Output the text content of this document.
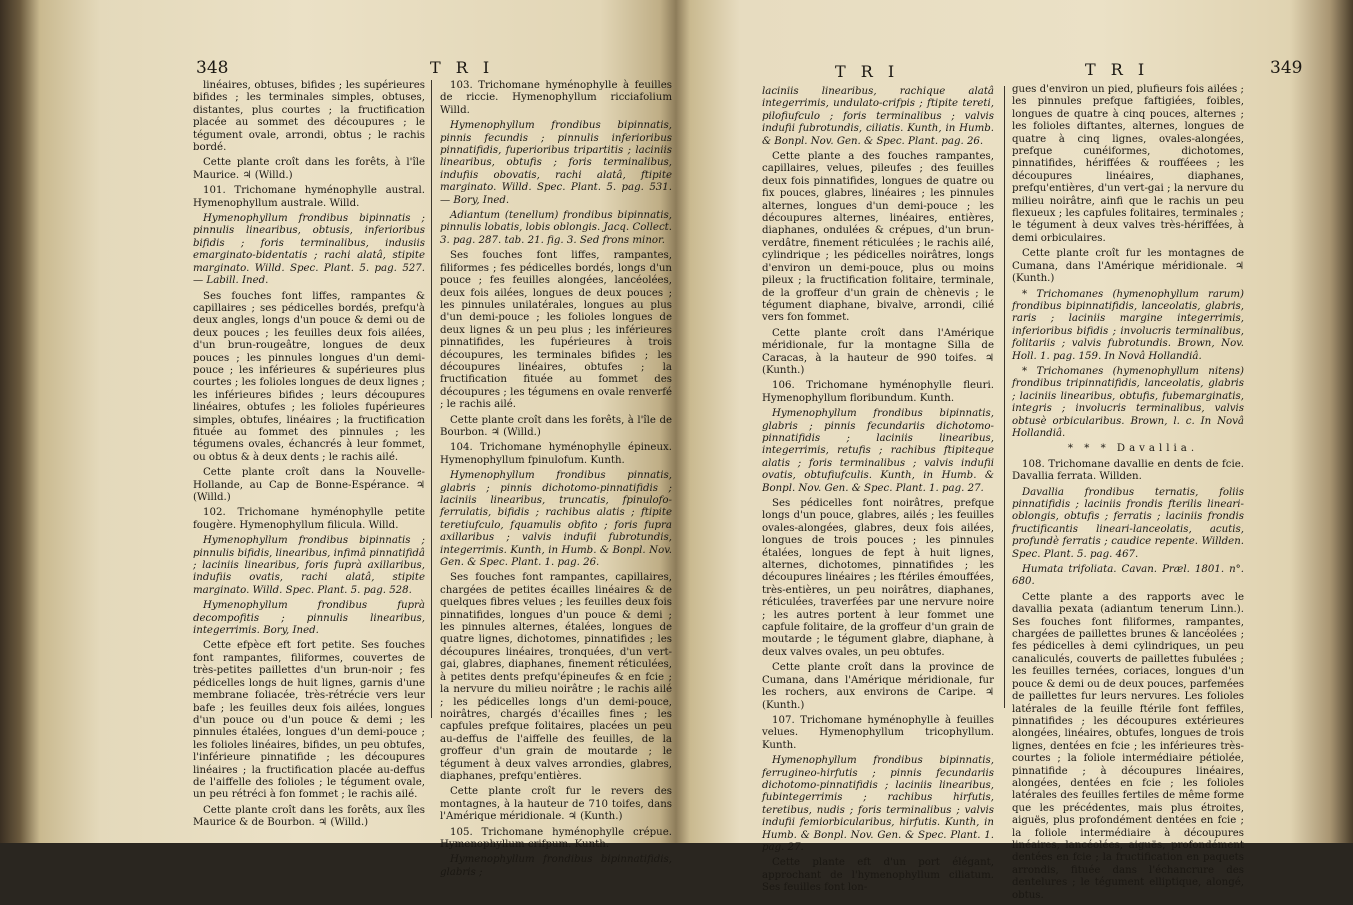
348	T R I	T R I	T R I	349

linéaires, obtuses, bifides ; les supérieures bifides ; les terminales simples, obtuses, distantes, plus courtes ; la fructification placée au sommet des découpures ; le tégument ovale, arrondi, obtus ; le rachis bordé.

Cette plante croît dans les forêts, à l'île Maurice. ♃ (Willd.)

101. Trichomane hyménophylle austral. Hymenophyllum australe. Willd.

Hymenophyllum frondibus bipinnatis ; pinnulis linearibus, obtusis, inferioribus bifidis ; foris terminalibus, indusiis emarginato-bidentatis ; rachi alatâ, stipite marginato. Willd. Spec. Plant. 5. pag. 527. — Labill. Ined.

Ses fouches font liffes, rampantes & capillaires ; ses pédicelles bordés, prefqu'à deux angles, longs d'un pouce & demi ou de deux pouces ; les feuilles deux fois ailées, d'un brun-rougeâtre, longues de deux pouces ; les pinnules longues d'un demi-pouce ; les inférieures & supérieures plus courtes ; les folioles longues de deux lignes ; les inférieures bifides ; leurs découpures linéaires, obtufes ; les folioles fupérieures simples, obtufes, linéaires ; la fructification fituée au fommet des pinnules ; les tégumens ovales, échancrés à leur fommet, ou obtus & à deux dents ; le rachis ailé.

Cette plante croît dans la Nouvelle-Hollande, au Cap de Bonne-Espérance. ♃ (Willd.)

102. Trichomane hyménophylle petite fougère. Hymenophyllum filicula. Willd.

Hymenophyllum frondibus bipinnatis ; pinnulis bifidis, linearibus, infimâ pinnatifidâ ; laciniis linearibus, foris fuprà axillaribus, indufiis ovatis, rachi alatâ, stipite marginato. Willd. Spec. Plant. 5. pag. 528.

Hymenophyllum frondibus fuprà decompofitis ; pinnulis linearibus, integerrimis. Bory, Ined.

Cette efpèce eft fort petite. Ses fouches font rampantes, filiformes, couvertes de très-petites paillettes d'un brun-noir ; fes pédicelles longs de huit lignes, garnis d'une membrane foliacée, très-rétrécie vers leur bafe ; les feuilles deux fois ailées, longues d'un pouce ou d'un pouce & demi ; les pinnules étalées, longues d'un demi-pouce ; les folioles linéaires, bifides, un peu obtufes, l'inférieure pinnatifide ; les découpures linéaires ; la fructification placée au-deffus de l'aiffelle des folioles ; le tégument ovale, un peu rétréci à fon fommet ; le rachis ailé.

Cette plante croît dans les forêts, aux îles Maurice & de Bourbon. ♃ (Willd.)

103. Trichomane hyménophylle à feuilles de riccie. Hymenophyllum ricciafolium Willd.

Hymenophyllum frondibus bipinnatis, pinnis fecundis ; pinnulis inferioribus pinnatifidis, fuperioribus tripartitis ; laciniis linearibus, obtufis ; foris terminalibus, indufiis obovatis, rachi alatâ, ftipite marginato. Willd. Spec. Plant. 5. pag. 531. — Bory, Ined.

Adiantum (tenellum) frondibus bipinnatis, pinnulis lobatis, lobis oblongis. Jacq. Collect. 3. pag. 287. tab. 21. fig. 3. Sed frons minor.

Ses fouches font liffes, rampantes, filiformes ; fes pédicelles bordés, longs d'un pouce ; fes feuilles alongées, lancéolées, deux fois ailées, longues de deux pouces ; les pinnules unilatérales, longues au plus d'un demi-pouce ; les folioles longues de deux lignes & un peu plus ; les inférieures pinnatifides, les fupérieures à trois découpures, les terminales bifides ; les découpures linéaires, obtufes ; la fructification fituée au fommet des découpures ; les tégumens en ovale renverfé ; le rachis ailé.

Cette plante croît dans les forêts, à l'île de Bourbon. ♃ (Willd.)

104. Trichomane hyménophylle épineux. Hymenophyllum fpinulofum. Kunth.

Hymenophyllum frondibus pinnatis, glabris ; pinnis dichotomo-pinnatifidis ; laciniis linearibus, truncatis, fpinulofo-ferrulatis, bifidis ; rachibus alatis ; ftipite teretiufculo, fquamulis obfito ; foris fupra axillaribus ; valvis indufii fubrotundis, integerrimis. Kunth, in Humb. & Bonpl. Nov. Gen. & Spec. Plant. 1. pag. 26.

Ses fouches font rampantes, capillaires, chargées de petites écailles linéaires & de quelques fibres velues ; les feuilles deux fois pinnatifides, longues d'un pouce & demi ; les pinnules alternes, étalées, longues de quatre lignes, dichotomes, pinnatifides ; les découpures linéaires, tronquées, d'un vert-gai, glabres, diaphanes, finement réticulées, à petites dents prefqu'épineufes & en fcie ; la nervure du milieu noirâtre ; le rachis ailé ; les pédicelles longs d'un demi-pouce, noirâtres, chargés d'écailles fines ; les capfules prefque folitaires, placées un peu au-deffus de l'aiffelle des feuilles, de la groffeur d'un grain de moutarde ; le tégument à deux valves arrondies, glabres, diaphanes, prefqu'entières.

Cette plante croît fur le revers des montagnes, à la hauteur de 710 toifes, dans l'Amérique méridionale. ♃ (Kunth.)

105. Trichomane hyménophylle crépue. Hymenophyllum crifpum. Kunth.

Hymenophyllum frondibus bipinnatifidis, glabris ;

laciniis linearibus, rachique alatâ integerrimis, undulato-crifpis ; ftipite tereti, pilofiufculo ; foris terminalibus ; valvis indufii fubrotundis, ciliatis. Kunth, in Humb. & Bonpl. Nov. Gen. & Spec. Plant. pag. 26.

Cette plante a des fouches rampantes, capillaires, velues, pileufes ; des feuilles deux fois pinnatifides, longues de quatre ou fix pouces, glabres, linéaires ; les pinnules alternes, longues d'un demi-pouce ; les découpures alternes, linéaires, entières, diaphanes, ondulées & crépues, d'un brun-verdâtre, finement réticulées ; le rachis ailé, cylindrique ; les pédicelles noirâtres, longs d'environ un demi-pouce, plus ou moins pileux ; la fructification folitaire, terminale, de la groffeur d'un grain de chènevis ; le tégument diaphane, bivalve, arrondi, cilié vers fon fommet.

Cette plante croît dans l'Amérique méridionale, fur la montagne Silla de Caracas, à la hauteur de 990 toifes. ♃ (Kunth.)

106. Trichomane hyménophylle fleuri. Hymenophyllum floribundum. Kunth.

Hymenophyllum frondibus bipinnatis, glabris ; pinnis fecundariis dichotomo-pinnatifidis ; laciniis linearibus, integerrimis, retufis ; rachibus ftipiteque alatis ; foris terminalibus ; valvis indufii ovatis, obtufiufculis. Kunth, in Humb. & Bonpl. Nov. Gen. & Spec. Plant. 1. pag. 27.

Ses pédicelles font noirâtres, prefque longs d'un pouce, glabres, ailés ; les feuilles ovales-alongées, glabres, deux fois ailées, longues de trois pouces ; les pinnules étalées, longues de fept à huit lignes, alternes, dichotomes, pinnatifides ; les découpures linéaires ; les ftériles émouffées, très-entières, un peu noirâtres, diaphanes, réticulées, traverfées par une nervure noire ; les autres portent à leur fommet une capfule folitaire, de la groffeur d'un grain de moutarde ; le tégument glabre, diaphane, à deux valves ovales, un peu obtufes.

Cette plante croît dans la province de Cumana, dans l'Amérique méridionale, fur les rochers, aux environs de Caripe. ♃ (Kunth.)

107. Trichomane hyménophylle à feuilles velues. Hymenophyllum tricophyllum. Kunth.

Hymenophyllum frondibus bipinnatis, ferrugineo-hirfutis ; pinnis fecundariis dichotomo-pinnatifidis ; laciniis linearibus, fubintegerrimis ; rachibus hirfutis, teretibus, nudis ; foris terminalibus ; valvis indufii femiorbicularibus, hirfutis. Kunth, in Humb. & Bonpl. Nov. Gen. & Spec. Plant. 1. pag. 27.

Cette plante eft d'un port élégant, approchant de l'hymenophyllum ciliatum. Ses feuilles font lon-

gues d'environ un pied, plufieurs fois ailées ; les pinnules prefque faftigiées, foibles, longues de quatre à cinq pouces, alternes ; les folioles diftantes, alternes, longues de quatre à cinq lignes, ovales-alongées, prefque cunéiformes, dichotomes, pinnatifides, hériffées & roufféees ; les découpures linéaires, diaphanes, prefqu'entières, d'un vert-gai ; la nervure du milieu noirâtre, ainfi que le rachis un peu flexueux ; les capfules folitaires, terminales ; le tégument à deux valves très-hériffées, à demi orbiculaires.

Cette plante croît fur les montagnes de Cumana, dans l'Amérique méridionale. ♃ (Kunth.)

* Trichomanes (hymenophyllum rarum) frondibus bipinnatifidis, lanceolatis, glabris, raris ; laciniis margine integerrimis, inferioribus bifidis ; involucris terminalibus, folitariis ; valvis fubrotundis. Brown, Nov. Holl. 1. pag. 159. In Novâ Hollandiâ.

* Trichomanes (hymenophyllum nitens) frondibus tripinnatifidis, lanceolatis, glabris ; laciniis linearibus, obtufis, fubemarginatis, integris ; involucris terminalibus, valvis obtusè orbicularibus. Brown, l. c. In Novâ Hollandiâ.

* * * Davallia.

108. Trichomane davallie en dents de fcie. Davallia ferrata. Willden.

Davallia frondibus ternatis, foliis pinnatifidis ; laciniis frondis fterilis lineari-oblongis, obtufis ; ferratis ; laciniis frondis fructificantis lineari-lanceolatis, acutis, profundè ferratis ; caudice repente. Willden. Spec. Plant. 5. pag. 467.

Humata trifoliata. Cavan. Præl. 1801. n°. 680.

Cette plante a des rapports avec le davallia pexata (adiantum tenerum Linn.). Ses fouches font filiformes, rampantes, chargées de paillettes brunes & lancéolées ; fes pédicelles à demi cylindriques, un peu canaliculés, couverts de paillettes fubulées ; les feuilles ternées, coriaces, longues d'un pouce & demi ou de deux pouces, parfemées de paillettes fur leurs nervures. Les folioles latérales de la feuille ftérile font feffiles, pinnatifides ; les découpures extérieures alongées, linéaires, obtufes, longues de trois lignes, dentées en fcie ; les inférieures très-courtes ; la foliole intermédiaire pétiolée, pinnatifide ; à découpures linéaires, alongées, dentées en fcie ; les folioles latérales des feuilles fertiles de même forme que les précédentes, mais plus étroites, aiguës, plus profondément dentées en fcie ; la foliole intermédiaire à découpures linéaires, lancéolées, aiguës, profondément dentées en fcie ; la fructification en paquets arrondis, fituée dans l'échancrure des dentelures ; le tégument elliptique, alongé, obtus.
